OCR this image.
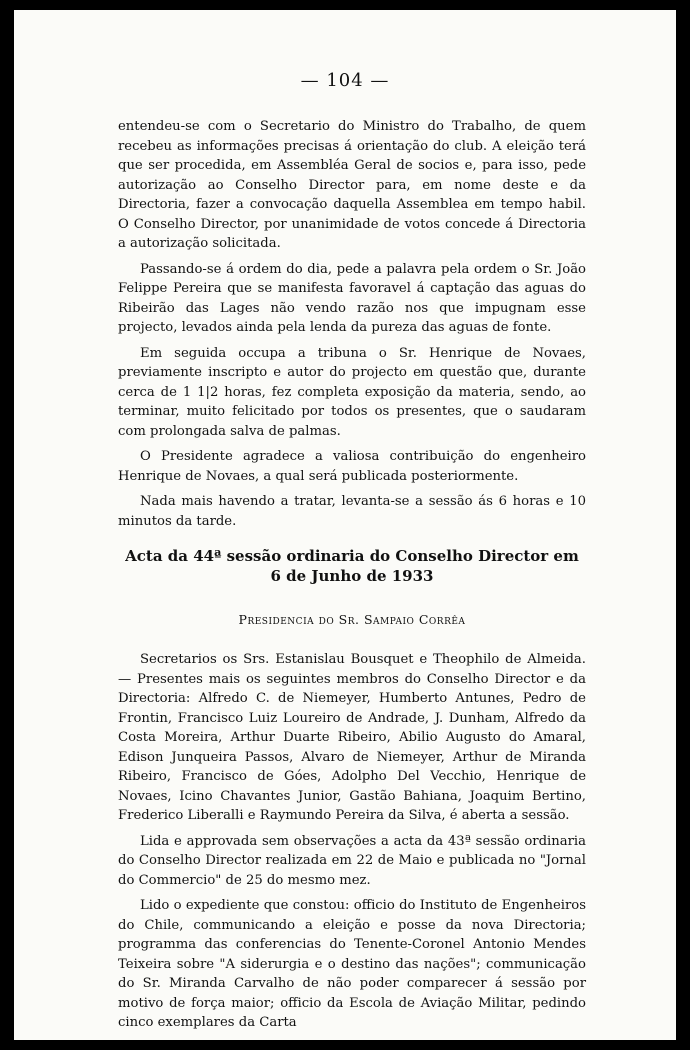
— 104 —

entendeu-se com o Secretario do Ministro do Trabalho, de quem recebeu as informações precisas á orientação do club. A eleição terá que ser procedida, em Assembléa Geral de socios e, para isso, pede autorização ao Conselho Director para, em nome deste e da Directoria, fazer a convocação daquella Assemblea em tempo habil. O Conselho Director, por unanimidade de votos concede á Directoria a autorização solicitada.

Passando-se á ordem do dia, pede a palavra pela ordem o Sr. João Felippe Pereira que se manifesta favoravel á captação das aguas do Ribeirão das Lages não vendo razão nos que impugnam esse projecto, levados ainda pela lenda da pureza das aguas de fonte.

Em seguida occupa a tribuna o Sr. Henrique de Novaes, previamente inscripto e autor do projecto em questão que, durante cerca de 1 1|2 horas, fez completa exposição da materia, sendo, ao terminar, muito felicitado por todos os presentes, que o saudaram com prolongada salva de palmas.

O Presidente agradece a valiosa contribuição do engenheiro Henrique de Novaes, a qual será publicada posteriormente.

Nada mais havendo a tratar, levanta-se a sessão ás 6 horas e 10 minutos da tarde.

Acta da 44ª sessão ordinaria do Conselho Director em 6 de Junho de 1933
Presidencia do Sr. Sampaio Corrêa

Secretarios os Srs. Estanislau Bousquet e Theophilo de Almeida. — Presentes mais os seguintes membros do Conselho Director e da Directoria: Alfredo C. de Niemeyer, Humberto Antunes, Pedro de Frontin, Francisco Luiz Loureiro de Andrade, J. Dunham, Alfredo da Costa Moreira, Arthur Duarte Ribeiro, Abilio Augusto do Amaral, Edison Junqueira Passos, Alvaro de Niemeyer, Arthur de Miranda Ribeiro, Francisco de Góes, Adolpho Del Vecchio, Henrique de Novaes, Icino Chavantes Junior, Gastão Bahiana, Joaquim Bertino, Frederico Liberalli e Raymundo Pereira da Silva, é aberta a sessão.

Lida e approvada sem observações a acta da 43ª sessão ordinaria do Conselho Director realizada em 22 de Maio e publicada no "Jornal do Commercio" de 25 do mesmo mez.

Lido o expediente que constou: officio do Instituto de Engenheiros do Chile, communicando a eleição e posse da nova Directoria; programma das conferencias do Tenente-Coronel Antonio Mendes Teixeira sobre "A siderurgia e o destino das nações"; communicação do Sr. Miranda Carvalho de não poder comparecer á sessão por motivo de força maior; officio da Escola de Aviação Militar, pedindo cinco exemplares da Carta
